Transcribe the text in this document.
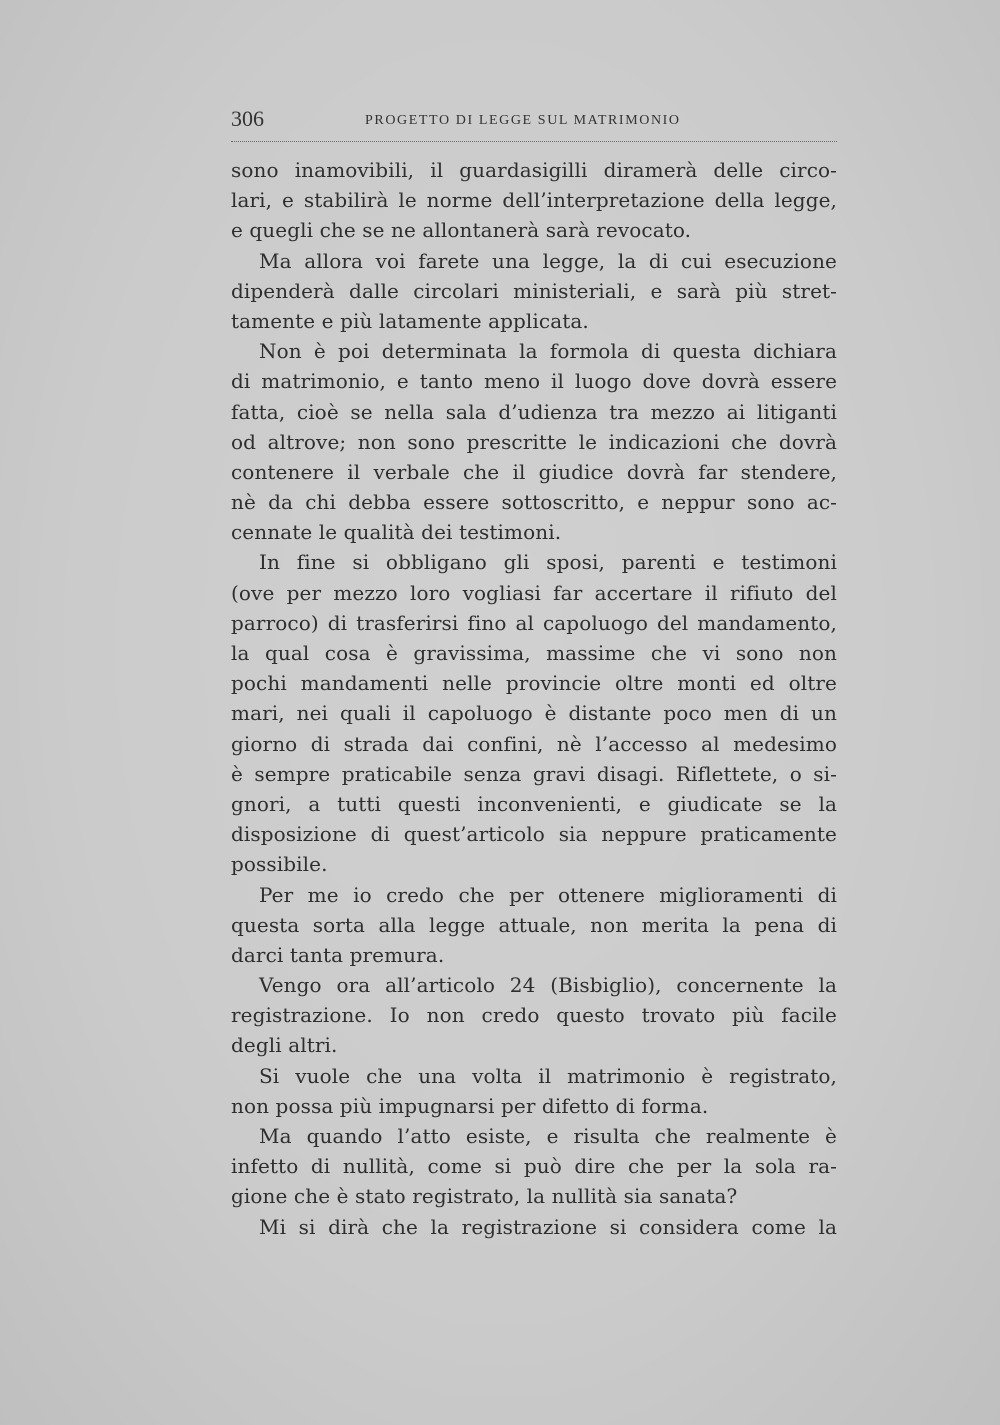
306	PROGETTO DI LEGGE SUL MATRIMONIO
sono inamovibili, il guardasigilli diramerà delle circo-
lari, e stabilirà le norme dell’interpretazione della legge,
e quegli che se ne allontanerà sarà revocato.
Ma allora voi farete una legge, la di cui esecuzione
dipenderà dalle circolari ministeriali, e sarà più stret-
tamente e più latamente applicata.
Non è poi determinata la formola di questa dichiara
di matrimonio, e tanto meno il luogo dove dovrà essere
fatta, cioè se nella sala d’udienza tra mezzo ai litiganti
od altrove; non sono prescritte le indicazioni che dovrà
contenere il verbale che il giudice dovrà far stendere,
nè da chi debba essere sottoscritto, e neppur sono ac-
cennate le qualità dei testimoni.
In fine si obbligano gli sposi, parenti e testimoni
(ove per mezzo loro vogliasi far accertare il rifiuto del
parroco) di trasferirsi fino al capoluogo del mandamento,
la qual cosa è gravissima, massime che vi sono non
pochi mandamenti nelle provincie oltre monti ed oltre
mari, nei quali il capoluogo è distante poco men di un
giorno di strada dai confini, nè l’accesso al medesimo
è sempre praticabile senza gravi disagi. Riflettete, o si-
gnori, a tutti questi inconvenienti, e giudicate se la
disposizione di quest’articolo sia neppure praticamente
possibile.
Per me io credo che per ottenere miglioramenti di
questa sorta alla legge attuale, non merita la pena di
darci tanta premura.
Vengo ora all’articolo 24 (Bisbiglio), concernente la
registrazione. Io non credo questo trovato più facile
degli altri.
Si vuole che una volta il matrimonio è registrato,
non possa più impugnarsi per difetto di forma.
Ma quando l’atto esiste, e risulta che realmente è
infetto di nullità, come si può dire che per la sola ra-
gione che è stato registrato, la nullità sia sanata?
Mi si dirà che la registrazione si considera come la
